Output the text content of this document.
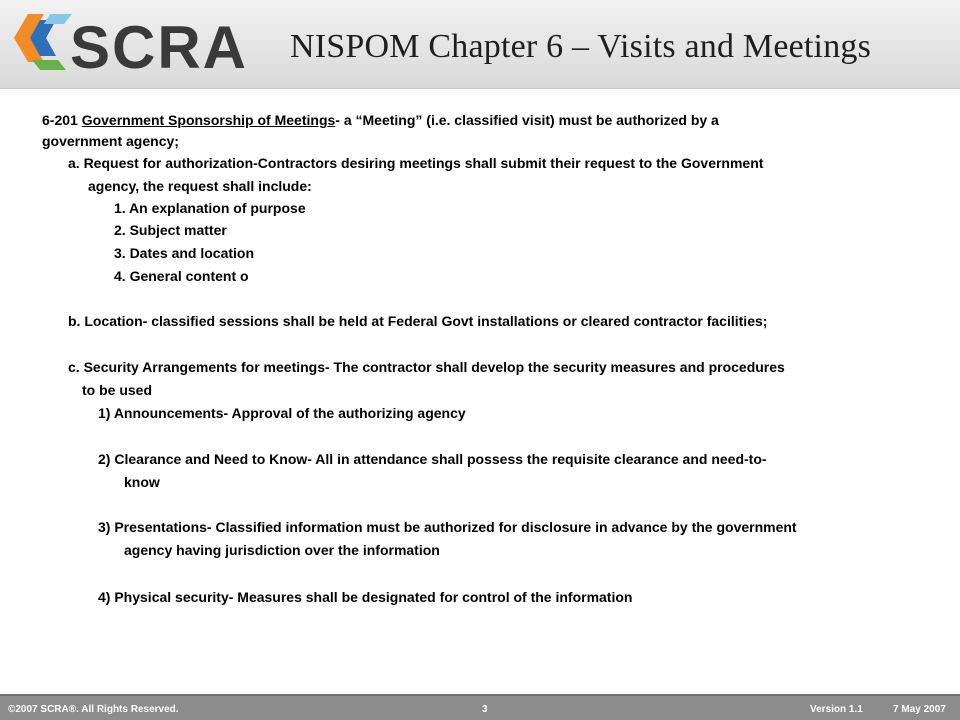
SCRA NISPOM Chapter 6 – Visits and Meetings
6-201 Government Sponsorship of Meetings- a “Meeting” (i.e. classified visit) must be authorized by a
government agency;
a. Request for authorization-Contractors desiring meetings shall submit their request to the Government
agency, the request shall include:
1. An explanation of purpose
2. Subject matter
3. Dates and location
4. General content o
b. Location- classified sessions shall be held at Federal Govt installations or cleared contractor facilities;
c. Security Arrangements for meetings- The contractor shall develop the security measures and procedures
to be used
1) Announcements- Approval of the authorizing agency
2) Clearance and Need to Know- All in attendance shall possess the requisite clearance and need-to-
know
3) Presentations- Classified information must be authorized for disclosure in advance by the government
agency having jurisdiction over the information
4) Physical security- Measures shall be designated for control of the information
©2007 SCRA®. All Rights Reserved.	3	Version 1.1	7 May 2007
